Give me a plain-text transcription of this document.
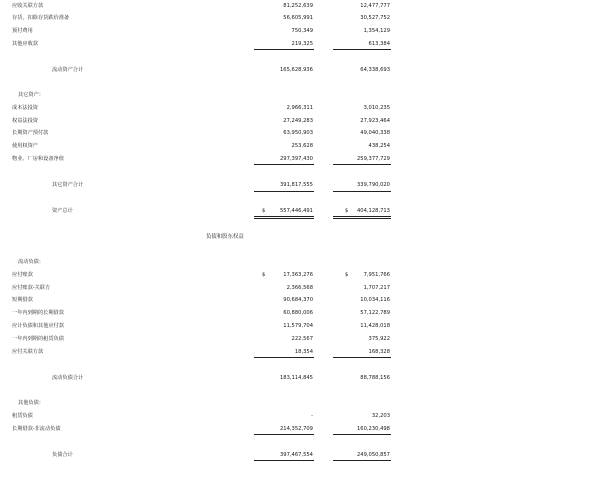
应收关联方款	81,252,639	12,477,777
存货，扣除存货跌价准备	56,605,991	30,527,752
预付费用	750,349	1,354,129
其他应收款	219,325	613,384
流动资产合计	165,628,936	64,338,693
其它资产：
成本法投资	2,966,311	3,010,235
权益法投资	27,249,283	27,923,464
长期资产预付款	63,950,903	49,040,338
使用权资产	253,628	438,254
物业、厂房和设备净值	297,397,430	259,377,729
其它资产合计	391,817,555	339,790,020
资产总计	$	557,446,491	$	404,128,713
负债和股东权益
流动负债：
应付账款	$	17,363,276	$	7,951,766
应付账款-关联方	2,366,568	1,707,217
短期借款	90,684,370	10,034,116
一年内到期的长期借款	60,880,006	57,122,789
应计负债和其他应付款	11,579,704	11,428,018
一年内到期的租赁负债	222,567	375,922
应付关联方款	18,354	168,328
流动负债合计	183,114,845	88,788,156
其他负债：
租赁负债	-	32,203
长期借款-非流动负债	214,352,709	160,230,498
负债合计	397,467,554	249,050,857
